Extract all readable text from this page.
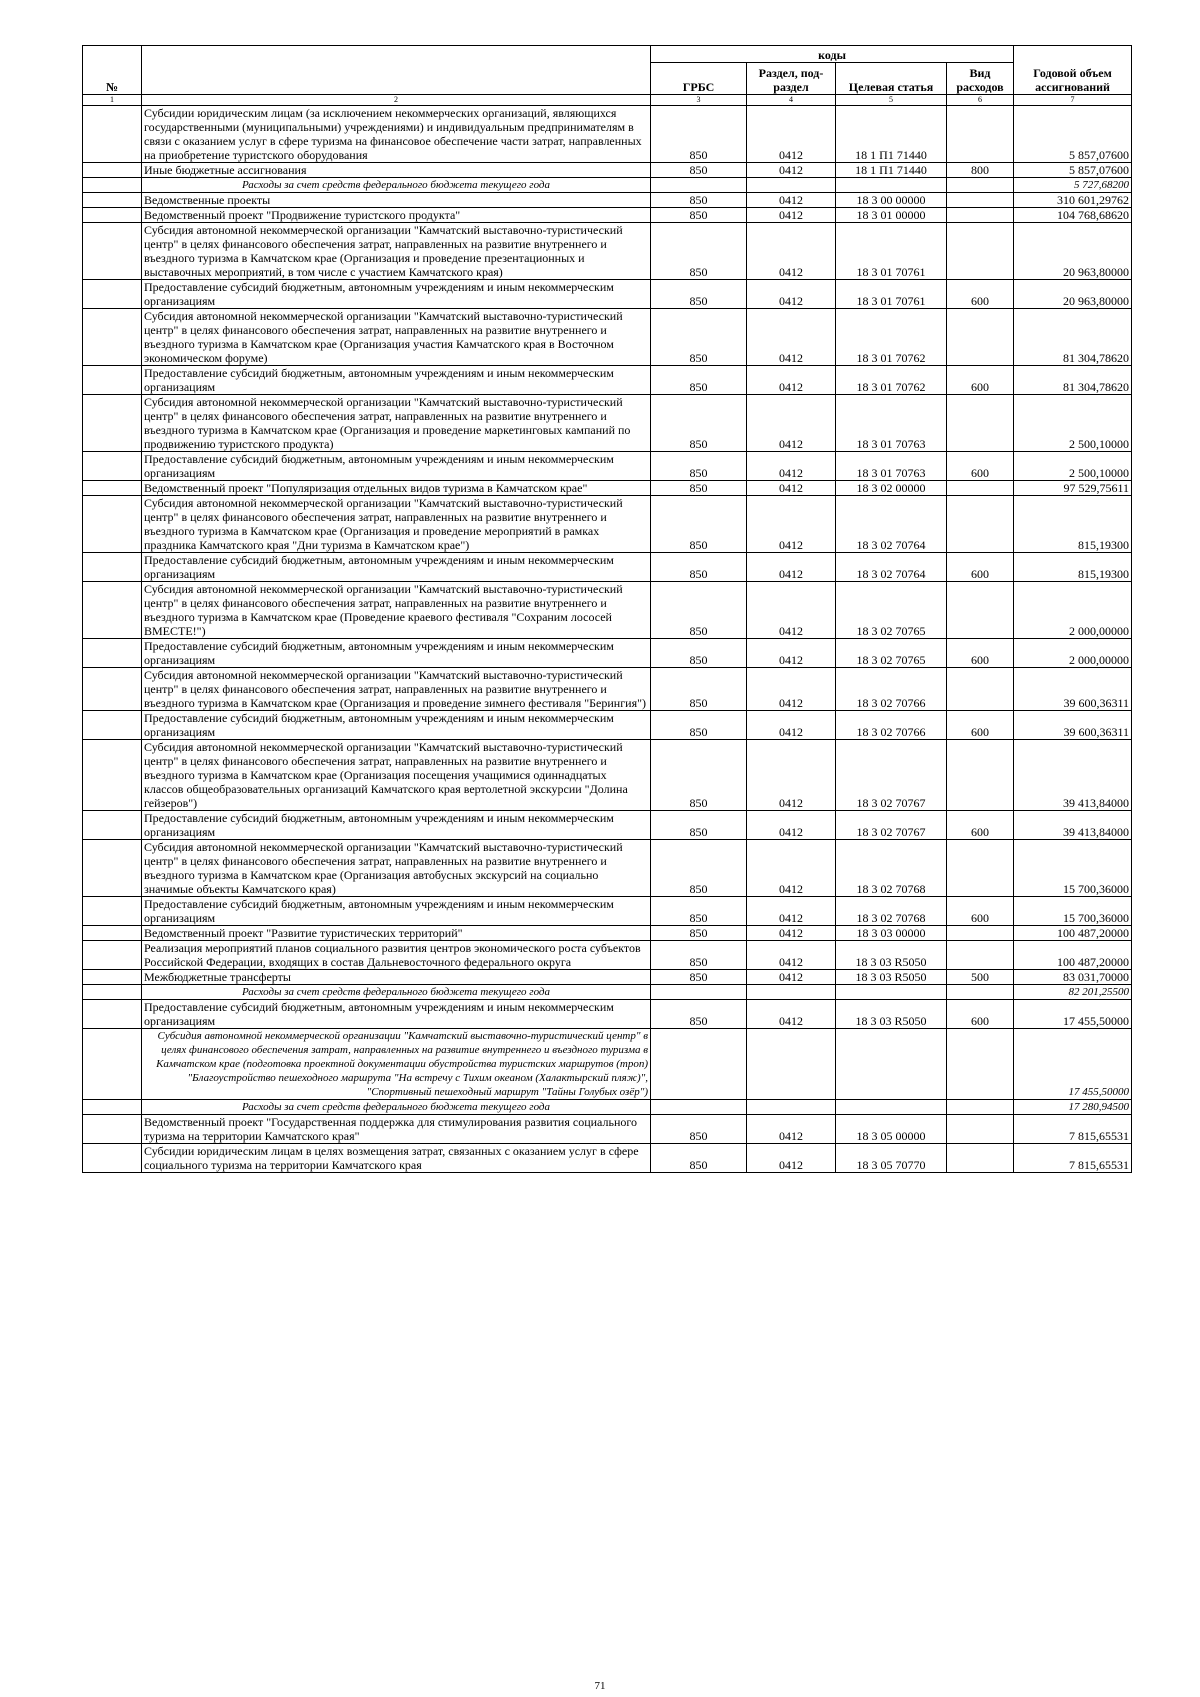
№		коды				Годовой объем ассигнований
		ГРБС	Раздел, под-раздел	Целевая статья	Вид расходов	
1	2	3	4	5	6	7
	Субсидии юридическим лицам (за исключением некоммерческих организаций, являющихся государственными (муниципальными) учреждениями) и индивидуальным предпринимателям в связи с оказанием услуг в сфере туризма на финансовое обеспечение части затрат, направленных на приобретение туристского оборудования	850	0412	18 1 П1 71440		5 857,07600
	Иные бюджетные ассигнования	850	0412	18 1 П1 71440	800	5 857,07600
	Расходы за счет средств федерального бюджета текущего года					5 727,68200
	Ведомственные проекты	850	0412	18 3 00 00000		310 601,29762
	Ведомственный проект "Продвижение туристского продукта"	850	0412	18 3 01 00000		104 768,68620
	Субсидия автономной некоммерческой организации "Камчатский выставочно-туристический центр" в целях финансового обеспечения затрат, направленных на развитие внутреннего и въездного туризма в Камчатском крае (Организация и проведение презентационных и выставочных мероприятий, в том числе с участием Камчатского края)	850	0412	18 3 01 70761		20 963,80000
	Предоставление субсидий бюджетным, автономным учреждениям и иным некоммерческим организациям	850	0412	18 3 01 70761	600	20 963,80000
	Субсидия автономной некоммерческой организации "Камчатский выставочно-туристический центр" в целях финансового обеспечения затрат, направленных на развитие внутреннего и въездного туризма в Камчатском крае (Организация участия Камчатского края в Восточном экономическом форуме)	850	0412	18 3 01 70762		81 304,78620
	Предоставление субсидий бюджетным, автономным учреждениям и иным некоммерческим организациям	850	0412	18 3 01 70762	600	81 304,78620
	Субсидия автономной некоммерческой организации "Камчатский выставочно-туристический центр" в целях финансового обеспечения затрат, направленных на развитие внутреннего и въездного туризма в Камчатском крае (Организация и проведение маркетинговых кампаний по продвижению туристского продукта)	850	0412	18 3 01 70763		2 500,10000
	Предоставление субсидий бюджетным, автономным учреждениям и иным некоммерческим организациям	850	0412	18 3 01 70763	600	2 500,10000
	Ведомственный проект "Популяризация отдельных видов туризма в Камчатском крае"	850	0412	18 3 02 00000		97 529,75611
	Субсидия автономной некоммерческой организации "Камчатский выставочно-туристический центр" в целях финансового обеспечения затрат, направленных на развитие внутреннего и въездного туризма в Камчатском крае (Организация и проведение мероприятий в рамках праздника Камчатского края "Дни туризма в Камчатском крае")	850	0412	18 3 02 70764		815,19300
	Предоставление субсидий бюджетным, автономным учреждениям и иным некоммерческим организациям	850	0412	18 3 02 70764	600	815,19300
	Субсидия автономной некоммерческой организации "Камчатский выставочно-туристический центр" в целях финансового обеспечения затрат, направленных на развитие внутреннего и въездного туризма в Камчатском крае (Проведение краевого фестиваля "Сохраним лососей ВМЕСТЕ!")	850	0412	18 3 02 70765		2 000,00000
	Предоставление субсидий бюджетным, автономным учреждениям и иным некоммерческим организациям	850	0412	18 3 02 70765	600	2 000,00000
	Субсидия автономной некоммерческой организации "Камчатский выставочно-туристический центр" в целях финансового обеспечения затрат, направленных на развитие внутреннего и въездного туризма в Камчатском крае (Организация и проведение зимнего фестиваля "Берингия")	850	0412	18 3 02 70766		39 600,36311
	Предоставление субсидий бюджетным, автономным учреждениям и иным некоммерческим организациям	850	0412	18 3 02 70766	600	39 600,36311
	Субсидия автономной некоммерческой организации "Камчатский выставочно-туристический центр" в целях финансового обеспечения затрат, направленных на развитие внутреннего и въездного туризма в Камчатском крае (Организация посещения учащимися одиннадцатых классов общеобразовательных организаций Камчатского края вертолетной экскурсии "Долина гейзеров")	850	0412	18 3 02 70767		39 413,84000
	Предоставление субсидий бюджетным, автономным учреждениям и иным некоммерческим организациям	850	0412	18 3 02 70767	600	39 413,84000
	Субсидия автономной некоммерческой организации "Камчатский выставочно-туристический центр" в целях финансового обеспечения затрат, направленных на развитие внутреннего и въездного туризма в Камчатском крае (Организация автобусных экскурсий на социально значимые объекты Камчатского края)	850	0412	18 3 02 70768		15 700,36000
	Предоставление субсидий бюджетным, автономным учреждениям и иным некоммерческим организациям	850	0412	18 3 02 70768	600	15 700,36000
	Ведомственный проект "Развитие туристических территорий"	850	0412	18 3 03 00000		100 487,20000
	Реализация мероприятий планов социального развития центров экономического роста субъектов Российской Федерации, входящих в состав Дальневосточного федерального округа	850	0412	18 3 03 R5050		100 487,20000
	Межбюджетные трансферты	850	0412	18 3 03 R5050	500	83 031,70000
	Расходы за счет средств федерального бюджета текущего года					82 201,25500
	Предоставление субсидий бюджетным, автономным учреждениям и иным некоммерческим организациям	850	0412	18 3 03 R5050	600	17 455,50000
	Субсидия автономной некоммерческой организации "Камчатский выставочно-туристический центр" в целях финансового обеспечения затрат, направленных на развитие внутреннего и въездного туризма в Камчатском крае (подготовка проектной документации обустройства туристских маршрутов (троп) "Благоустройство пешеходного маршрута "На встречу с Тихим океаном (Халактырский пляж)", "Спортивный пешеходный маршрут "Тайны Голубых озёр")					17 455,50000
	Расходы за счет средств федерального бюджета текущего года					17 280,94500
	Ведомственный проект "Государственная поддержка для стимулирования развития социального туризма на территории Камчатского края"	850	0412	18 3 05 00000		7 815,65531
	Субсидии юридическим лицам в целях возмещения затрат, связанных с оказанием услуг в сфере социального туризма на территории Камчатского края	850	0412	18 3 05 70770		7 815,65531
71
